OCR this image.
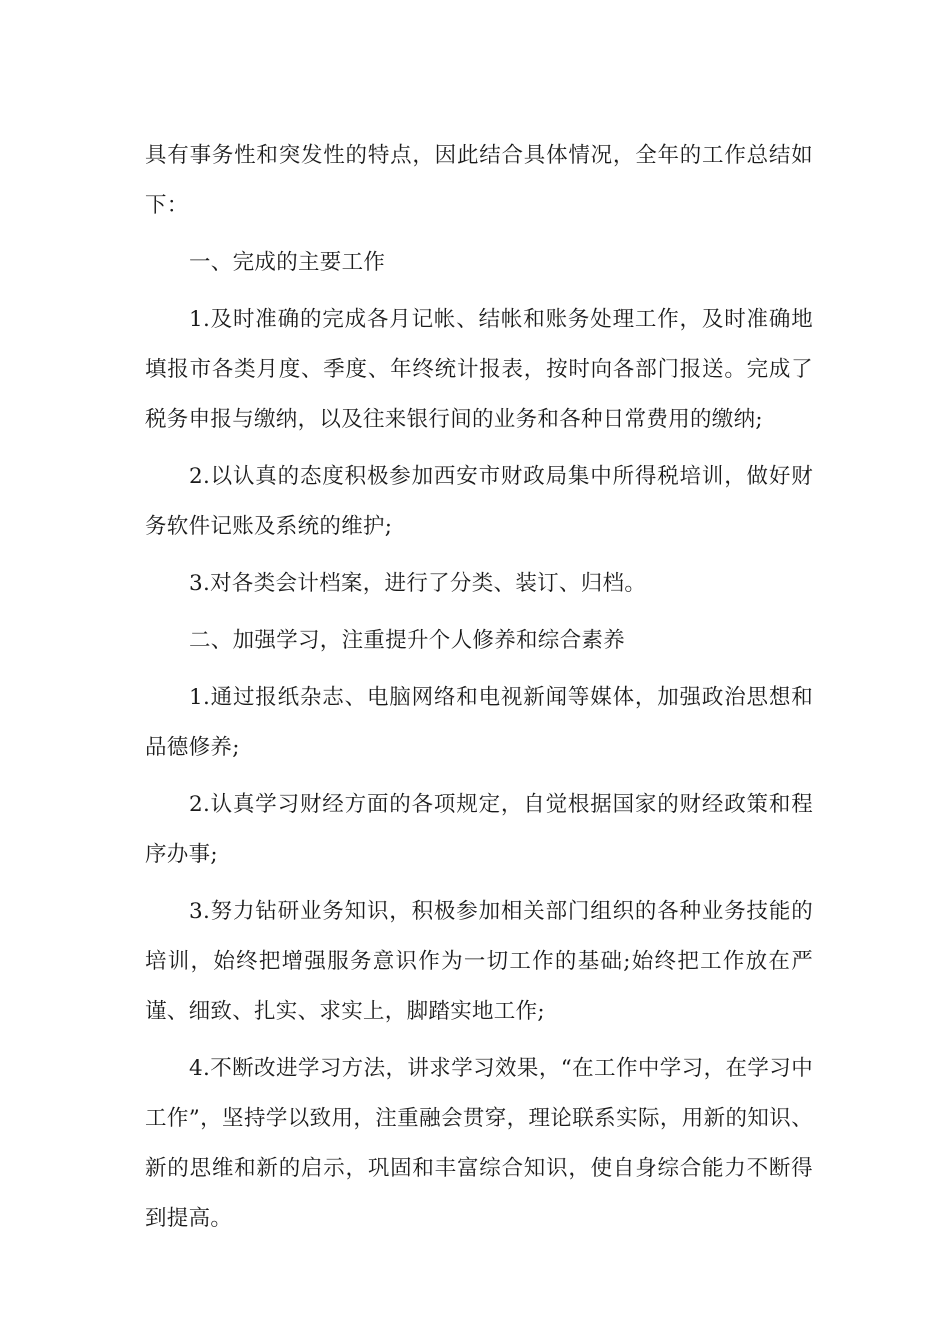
具有事务性和突发性的特点，因此结合具体情况，全年的工作总结如下：

一、完成的主要工作

1.及时准确的完成各月记帐、结帐和账务处理工作，及时准确地填报市各类月度、季度、年终统计报表，按时向各部门报送。完成了税务申报与缴纳，以及往来银行间的业务和各种日常费用的缴纳;

2.以认真的态度积极参加西安市财政局集中所得税培训，做好财务软件记账及系统的维护;

3.对各类会计档案，进行了分类、装订、归档。

二、加强学习，注重提升个人修养和综合素养

1.通过报纸杂志、电脑网络和电视新闻等媒体，加强政治思想和品德修养;

2.认真学习财经方面的各项规定，自觉根据国家的财经政策和程序办事;

3.努力钻研业务知识，积极参加相关部门组织的各种业务技能的培训，始终把增强服务意识作为一切工作的基础;始终把工作放在严谨、细致、扎实、求实上，脚踏实地工作;

4.不断改进学习方法，讲求学习效果，“在工作中学习，在学习中工作”，坚持学以致用，注重融会贯穿，理论联系实际，用新的知识、新的思维和新的启示，巩固和丰富综合知识，使自身综合能力不断得到提高。
